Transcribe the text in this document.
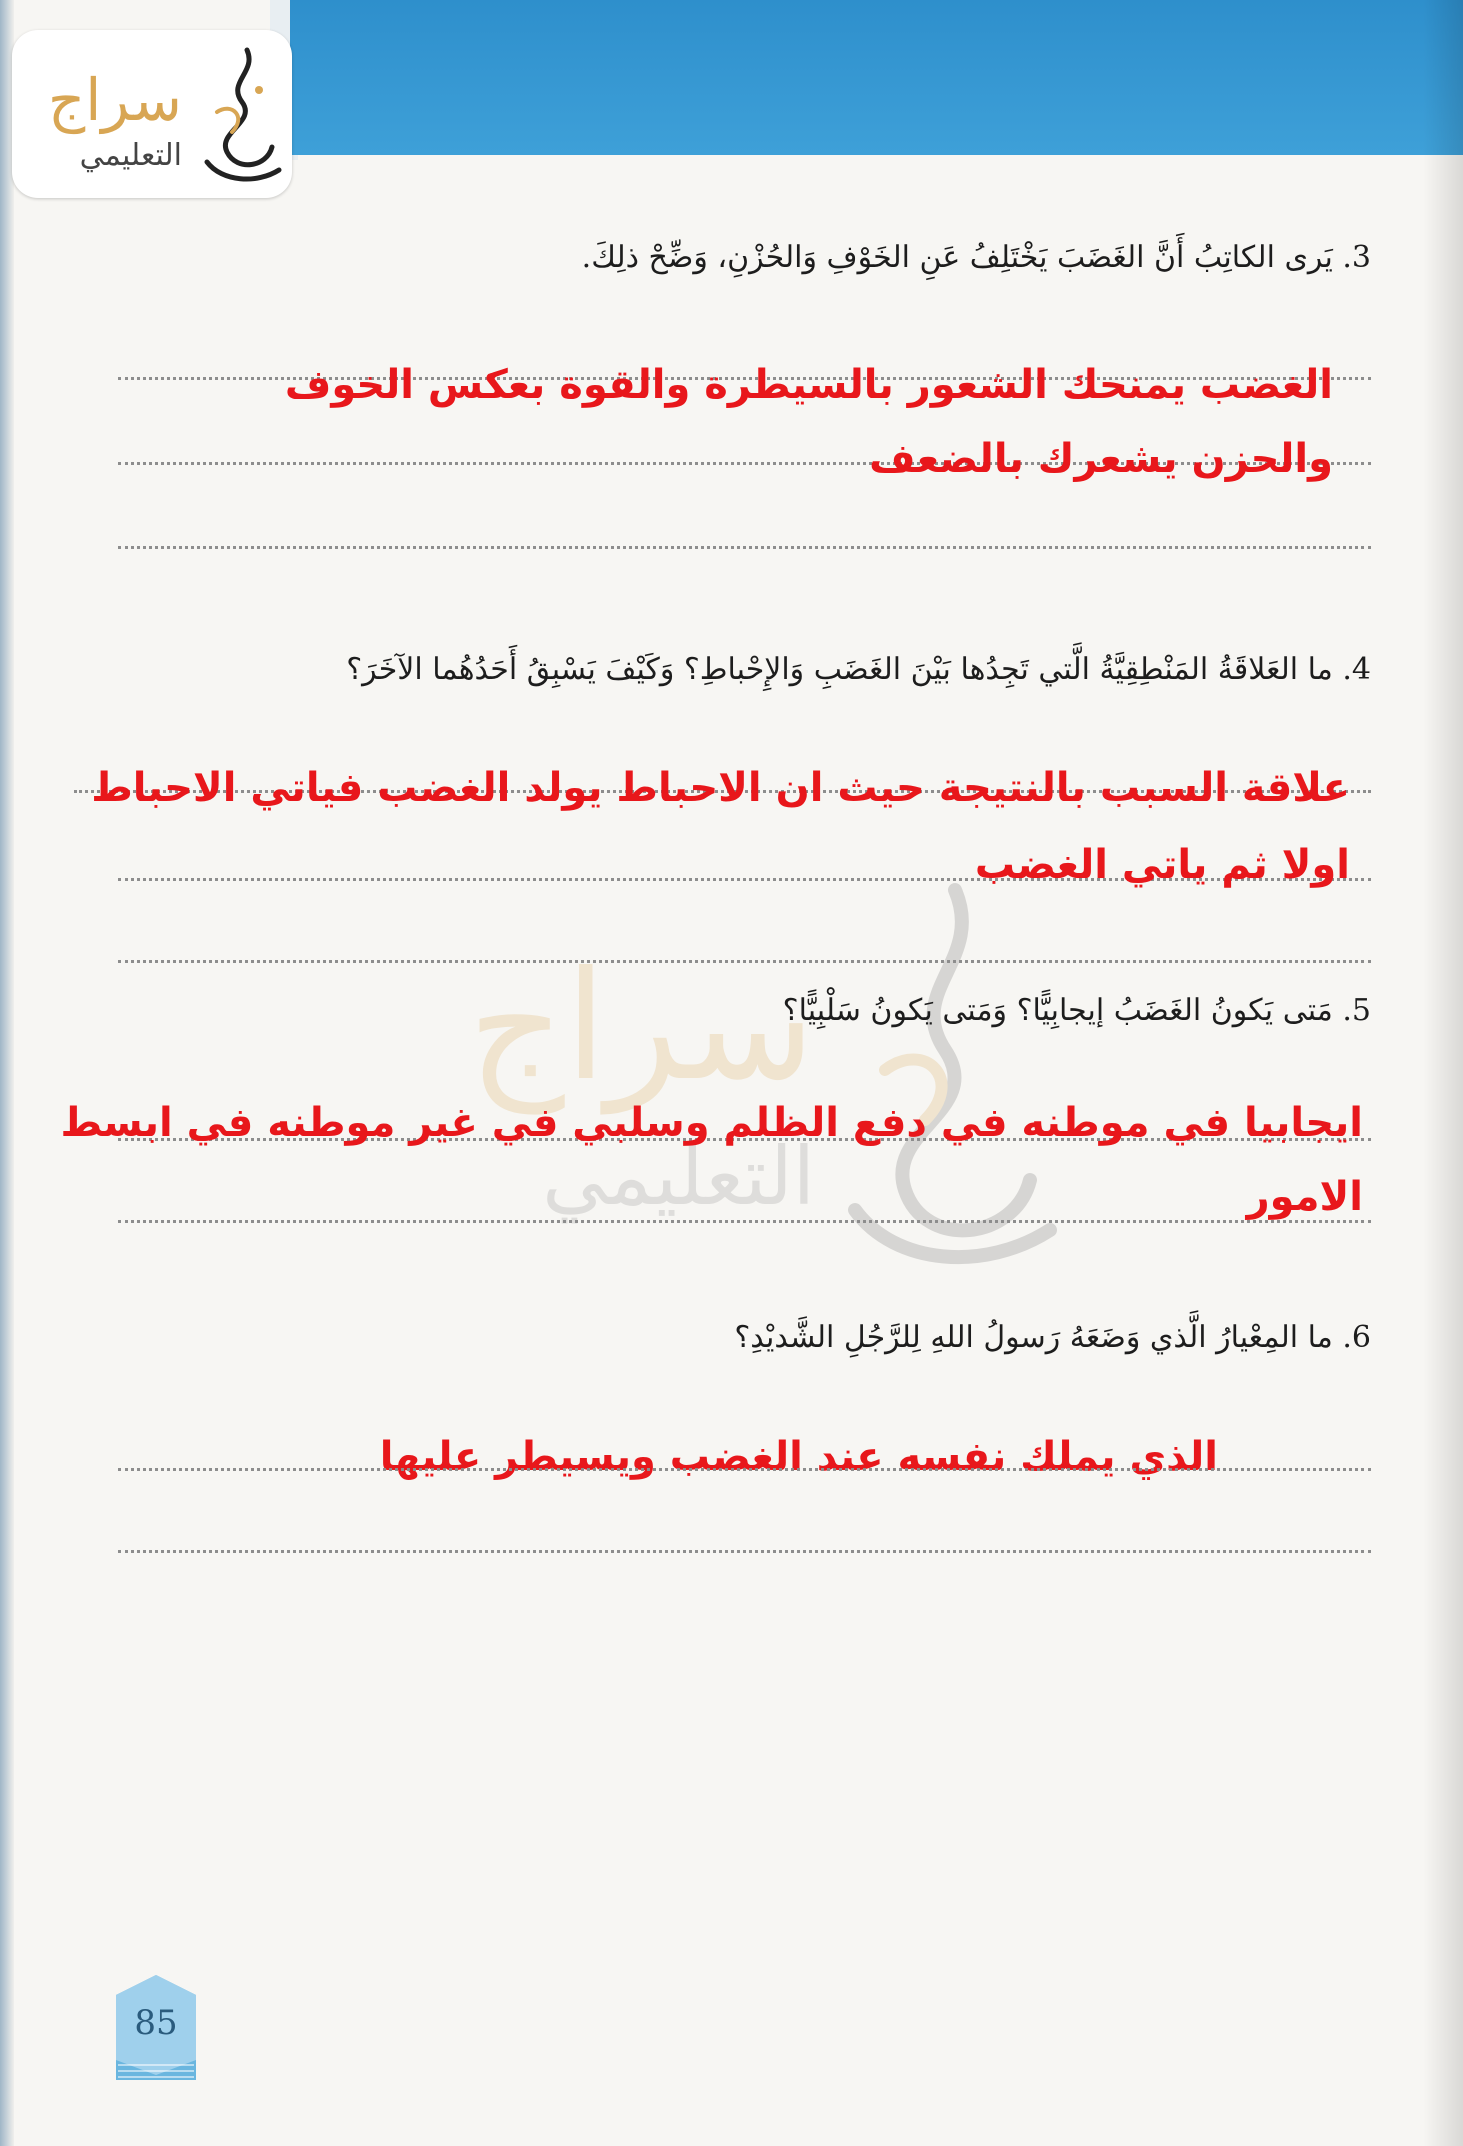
سراج
التعليمي
سراج
التعليمي
3. يَرى الكاتِبُ أَنَّ الغَضَبَ يَخْتَلِفُ عَنِ الخَوْفِ وَالحُزْنِ، وَضِّحْ ذلِكَ.
الغضب يمنحك الشعور بالسيطرة والقوة بعكس الخوف
والحزن يشعرك بالضعف
4. ما العَلاقَةُ المَنْطِقِيَّةُ الَّتي تَجِدُها بَيْنَ الغَضَبِ وَالإِحْباطِ؟ وَكَيْفَ يَسْبِقُ أَحَدُهُما الآخَرَ؟
علاقة السبب بالنتيجة حيث ان الاحباط يولد الغضب فياتي الاحباط
اولا ثم ياتي الغضب
5. مَتى يَكونُ الغَضَبُ إيجابِيًّا؟ وَمَتى يَكونُ سَلْبِيًّا؟
ايجابيا في موطنه في دفع الظلم وسلبي في غير موطنه في ابسط
الامور
6. ما المِعْيارُ الَّذي وَضَعَهُ رَسولُ اللهِ لِلرَّجُلِ الشَّديْدِ؟
الذي يملك نفسه عند الغضب ويسيطر عليها
85
